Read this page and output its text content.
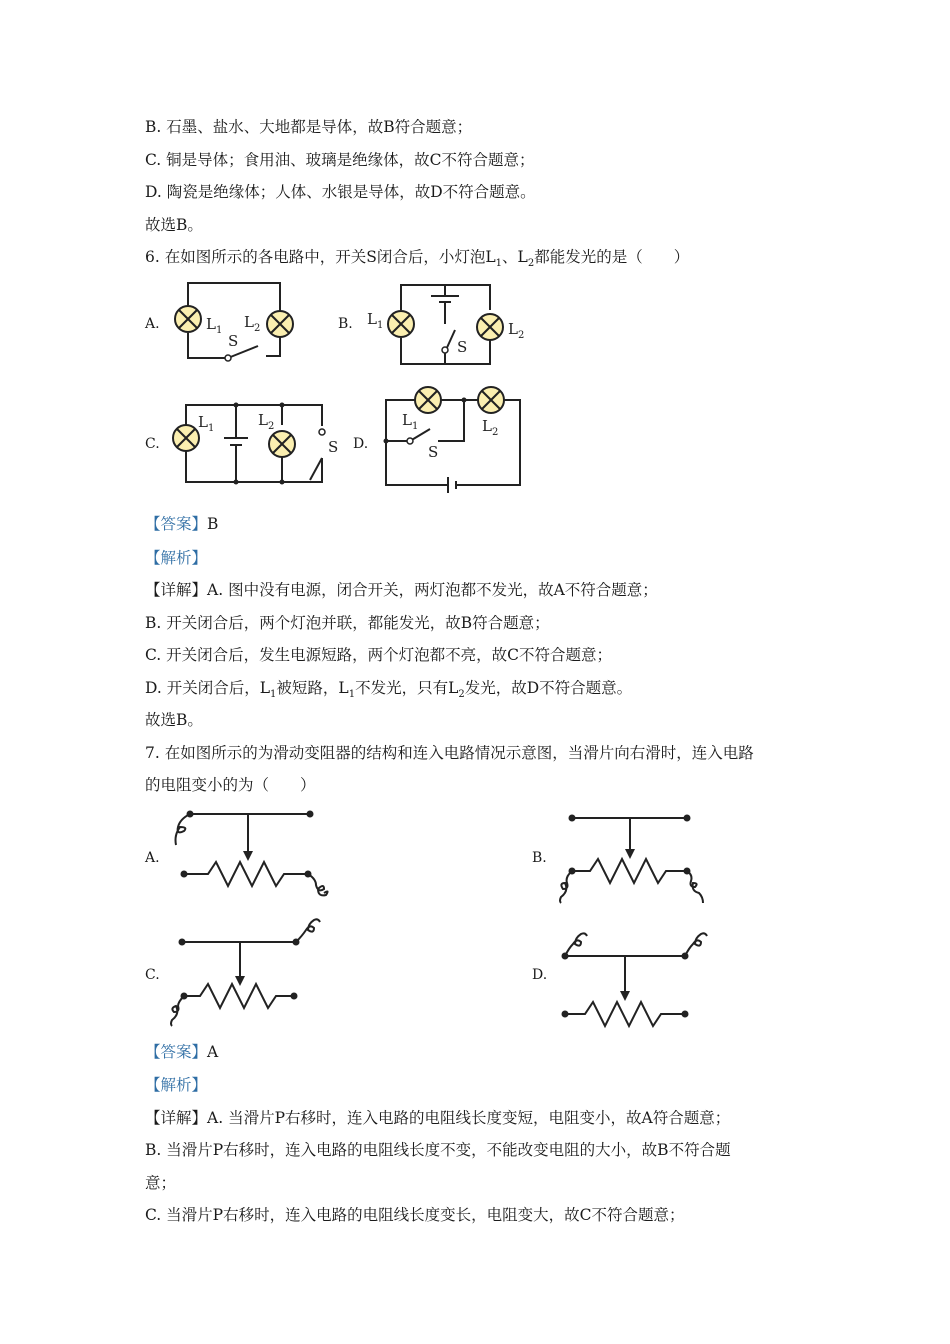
B. 石墨、盐水、大地都是导体，故B符合题意；
C. 铜是导体；食用油、玻璃是绝缘体，故C不符合题意；
D. 陶瓷是绝缘体；人体、水银是导体，故D不符合题意。
故选B。
6. 在如图所示的各电路中，开关S闭合后，小灯泡$L_1$、$L_2$都能发光的是（　　）
A.	$L_1$ $L_2$
S
B. $L_1$	$L_2$
S
C.
$L_1$	$L_2$
S D.
$L_1$	$L_2$
S
【答案】B
【解析】
【详解】A. 图中没有电源，闭合开关，两灯泡都不发光，故A不符合题意；
B. 开关闭合后，两个灯泡并联，都能发光，故B符合题意；
C. 开关闭合后，发生电源短路，两个灯泡都不亮，故C不符合题意；
D. 开关闭合后，$L_1$被短路，$L_1$不发光，只有$L_2$发光，故D不符合题意。
故选B。
7. 在如图所示的为滑动变阻器的结构和连入电路情况示意图，当滑片向右滑时，连入电路
的电阻变小的为（　　）
A.	B.
C.	D.
【答案】A
【解析】
【详解】A. 当滑片P右移时，连入电路的电阻线长度变短，电阻变小，故A符合题意；
B. 当滑片P右移时，连入电路的电阻线长度不变，不能改变电阻的大小，故B不符合题
意；
C. 当滑片P右移时，连入电路的电阻线长度变长，电阻变大，故C不符合题意；
